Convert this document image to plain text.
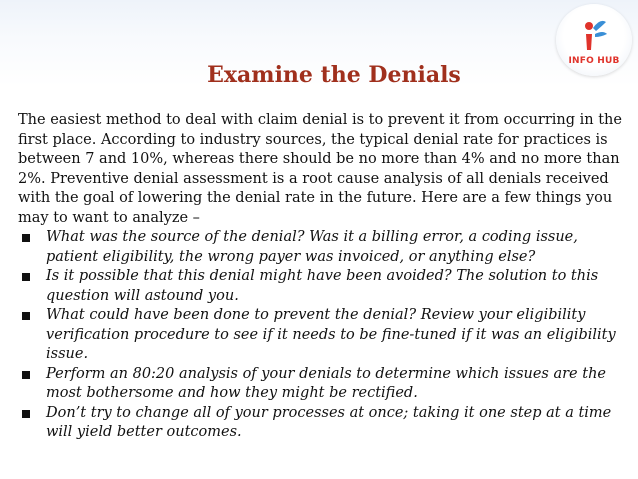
INFO HUB
Examine the Denials

The easiest method to deal with claim denial is to prevent it from occurring in the first place. According to industry sources, the typical denial rate for practices is between 7 and 10%, whereas there should be no more than 4% and no more than 2%. Preventive denial assessment is a root cause analysis of all denials received with the goal of lowering the denial rate in the future. Here are a few things you may to want to analyze –

What was the source of the denial? Was it a billing error, a coding issue, patient eligibility, the wrong payer was invoiced, or anything else?
Is it possible that this denial might have been avoided? The solution to this question will astound you.
What could have been done to prevent the denial? Review your eligibility verification procedure to see if it needs to be fine-tuned if it was an eligibility issue.
Perform an 80:20 analysis of your denials to determine which issues are the most bothersome and how they might be rectified.
Don’t try to change all of your processes at once; taking it one step at a time will yield better outcomes.
